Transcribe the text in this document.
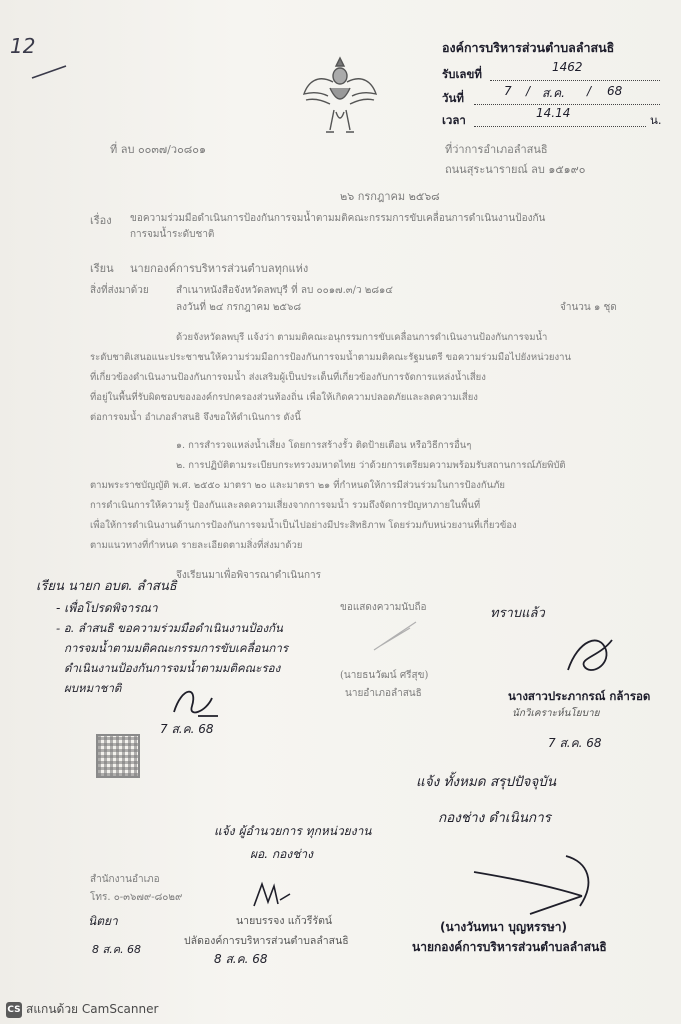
12	องค์การบริหารส่วนตำบลลำสนธิ
รับเลขที่	1462
วันที่	7 / ส.ค. / 68
เวลา	14.14	น.
ที่ ลบ ๐๐๓๗/ว๐๘๐๑	ที่ว่าการอำเภอลำสนธิ
ถนนสุระนารายณ์ ลบ ๑๕๑๙๐
๒๖ กรกฎาคม ๒๕๖๘
เรื่อง ขอความร่วมมือดำเนินการป้องกันการจมน้ำตามมติคณะกรรมการขับเคลื่อนการดำเนินงานป้องกัน
การจมน้ำระดับชาติ
เรียน นายกองค์การบริหารส่วนตำบลทุกแห่ง
สิ่งที่ส่งมาด้วย	สำเนาหนังสือจังหวัดลพบุรี ที่ ลบ ๐๐๑๗.๓/ว ๒๘๑๔
ลงวันที่ ๒๔ กรกฎาคม ๒๕๖๘	จำนวน ๑ ชุด
ด้วยจังหวัดลพบุรี แจ้งว่า ตามมติคณะอนุกรรมการขับเคลื่อนการดำเนินงานป้องกันการจมน้ำ
ระดับชาติเสนอแนะประชาชนให้ความร่วมมือการป้องกันการจมน้ำตามมติคณะรัฐมนตรี ขอความร่วมมือไปยังหน่วยงาน
ที่เกี่ยวข้องดำเนินงานป้องกันการจมน้ำ ส่งเสริมผู้เป็นประเด็นที่เกี่ยวข้องกับการจัดการแหล่งน้ำเสี่ยง
ที่อยู่ในพื้นที่รับผิดชอบขององค์กรปกครองส่วนท้องถิ่น เพื่อให้เกิดความปลอดภัยและลดความเสี่ยง
ต่อการจมน้ำ อำเภอลำสนธิ จึงขอให้ดำเนินการ ดังนี้
๑. การสำรวจแหล่งน้ำเสี่ยง โดยการสร้างรั้ว ติดป้ายเตือน หรือวิธีการอื่นๆ
๒. การปฏิบัติตามระเบียบกระทรวงมหาดไทย ว่าด้วยการเตรียมความพร้อมรับสถานการณ์ภัยพิบัติ
ตามพระราชบัญญัติ พ.ศ. ๒๕๕๐ มาตรา ๒๐ และมาตรา ๒๑ ที่กำหนดให้การมีส่วนร่วมในการป้องกันภัย
การดำเนินการให้ความรู้ ป้องกันและลดความเสี่ยงจากการจมน้ำ รวมถึงจัดการปัญหาภายในพื้นที่
เพื่อให้การดำเนินงานด้านการป้องกันการจมน้ำเป็นไปอย่างมีประสิทธิภาพ โดยร่วมกับหน่วยงานที่เกี่ยวข้อง
ตามแนวทางที่กำหนด รายละเอียดตามสิ่งที่ส่งมาด้วย
จึงเรียนมาเพื่อพิจารณาดำเนินการ
ขอแสดงความนับถือ
(นายธนวัฒน์ ศรีสุข)
นายอำเภอลำสนธิ
เรียน นายก อบต. ลำสนธิ
- เพื่อโปรดพิจารณา
- อ. ลำสนธิ ขอความร่วมมือดำเนินงานป้องกัน
การจมน้ำตามมติคณะกรรมการขับเคลื่อนการ
ดำเนินงานป้องกันการจมน้ำตามมติคณะรอง
ผบหมาชาติ
7 ส.ค. 68
ทราบแล้ว
นางสาวประภากรณ์ กล้ารอด
นักวิเคราะห์นโยบาย
7 ส.ค. 68
แจ้ง ทั้งหมด สรุปปัจจุบัน
กองช่าง ดำเนินการ
สำนักงานอำเภอ
โทร. ๐-๓๖๗๙-๘๐๒๙
แจ้ง ผู้อำนวยการ ทุกหน่วยงาน
ผอ. กองช่าง
นายบรรจง แก้วรีรัตน์
ปลัดองค์การบริหารส่วนตำบลลำสนธิ
8 ส.ค. 68
นิตยา
8 ส.ค. 68
(นางวันทนา บุญหรรษา)
นายกองค์การบริหารส่วนตำบลลำสนธิ
CS สแกนด้วย CamScanner
